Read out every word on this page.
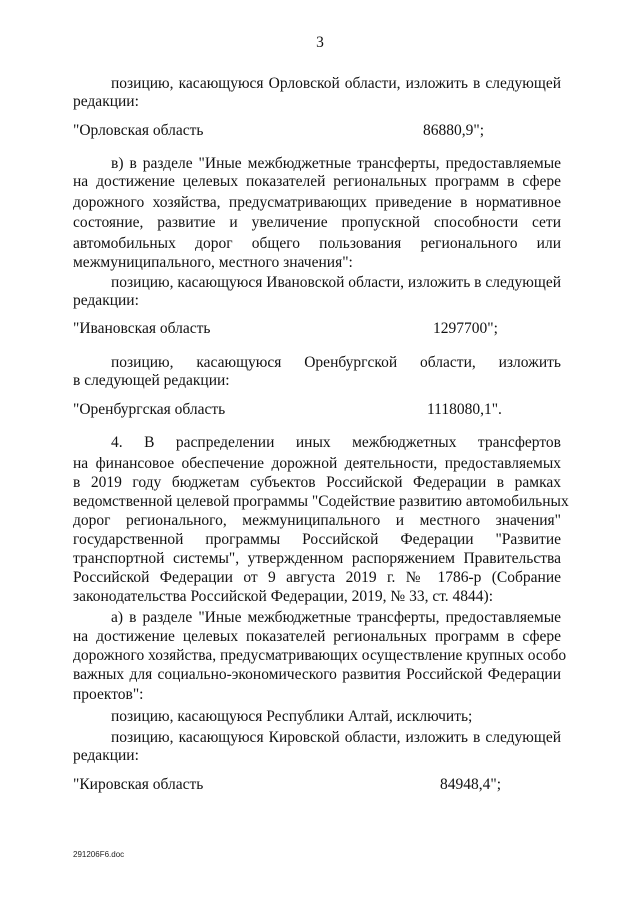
3
позицию, касающуюся Орловской области, изложить в следующей
редакции:
"Орловская область	86880,9";
в) в разделе "Иные межбюджетные трансферты, предоставляемые
на достижение целевых показателей региональных программ в сфере
дорожного хозяйства, предусматривающих приведение в нормативное
состояние, развитие и увеличение пропускной способности сети
автомобильных дорог общего пользования регионального или
межмуниципального, местного значения":
позицию, касающуюся Ивановской области, изложить в следующей
редакции:
"Ивановская область	1297700";
позицию, касающуюся Оренбургской области, изложить
в следующей редакции:
"Оренбургская область	1118080,1".
4. В распределении иных межбюджетных трансфертов
на финансовое обеспечение дорожной деятельности, предоставляемых
в 2019 году бюджетам субъектов Российской Федерации в рамках
ведомственной целевой программы "Содействие развитию автомобильных
дорог регионального, межмуниципального и местного значения"
государственной программы Российской Федерации "Развитие
транспортной системы", утвержденном распоряжением Правительства
Российской Федерации от 9 августа 2019 г. № 1786-р (Собрание
законодательства Российской Федерации, 2019, № 33, ст. 4844):
а) в разделе "Иные межбюджетные трансферты, предоставляемые
на достижение целевых показателей региональных программ в сфере
дорожного хозяйства, предусматривающих осуществление крупных особо
важных для социально-экономического развития Российской Федерации
проектов":
позицию, касающуюся Республики Алтай, исключить;
позицию, касающуюся Кировской области, изложить в следующей
редакции:
"Кировская область	84948,4";
291206F6.doc
